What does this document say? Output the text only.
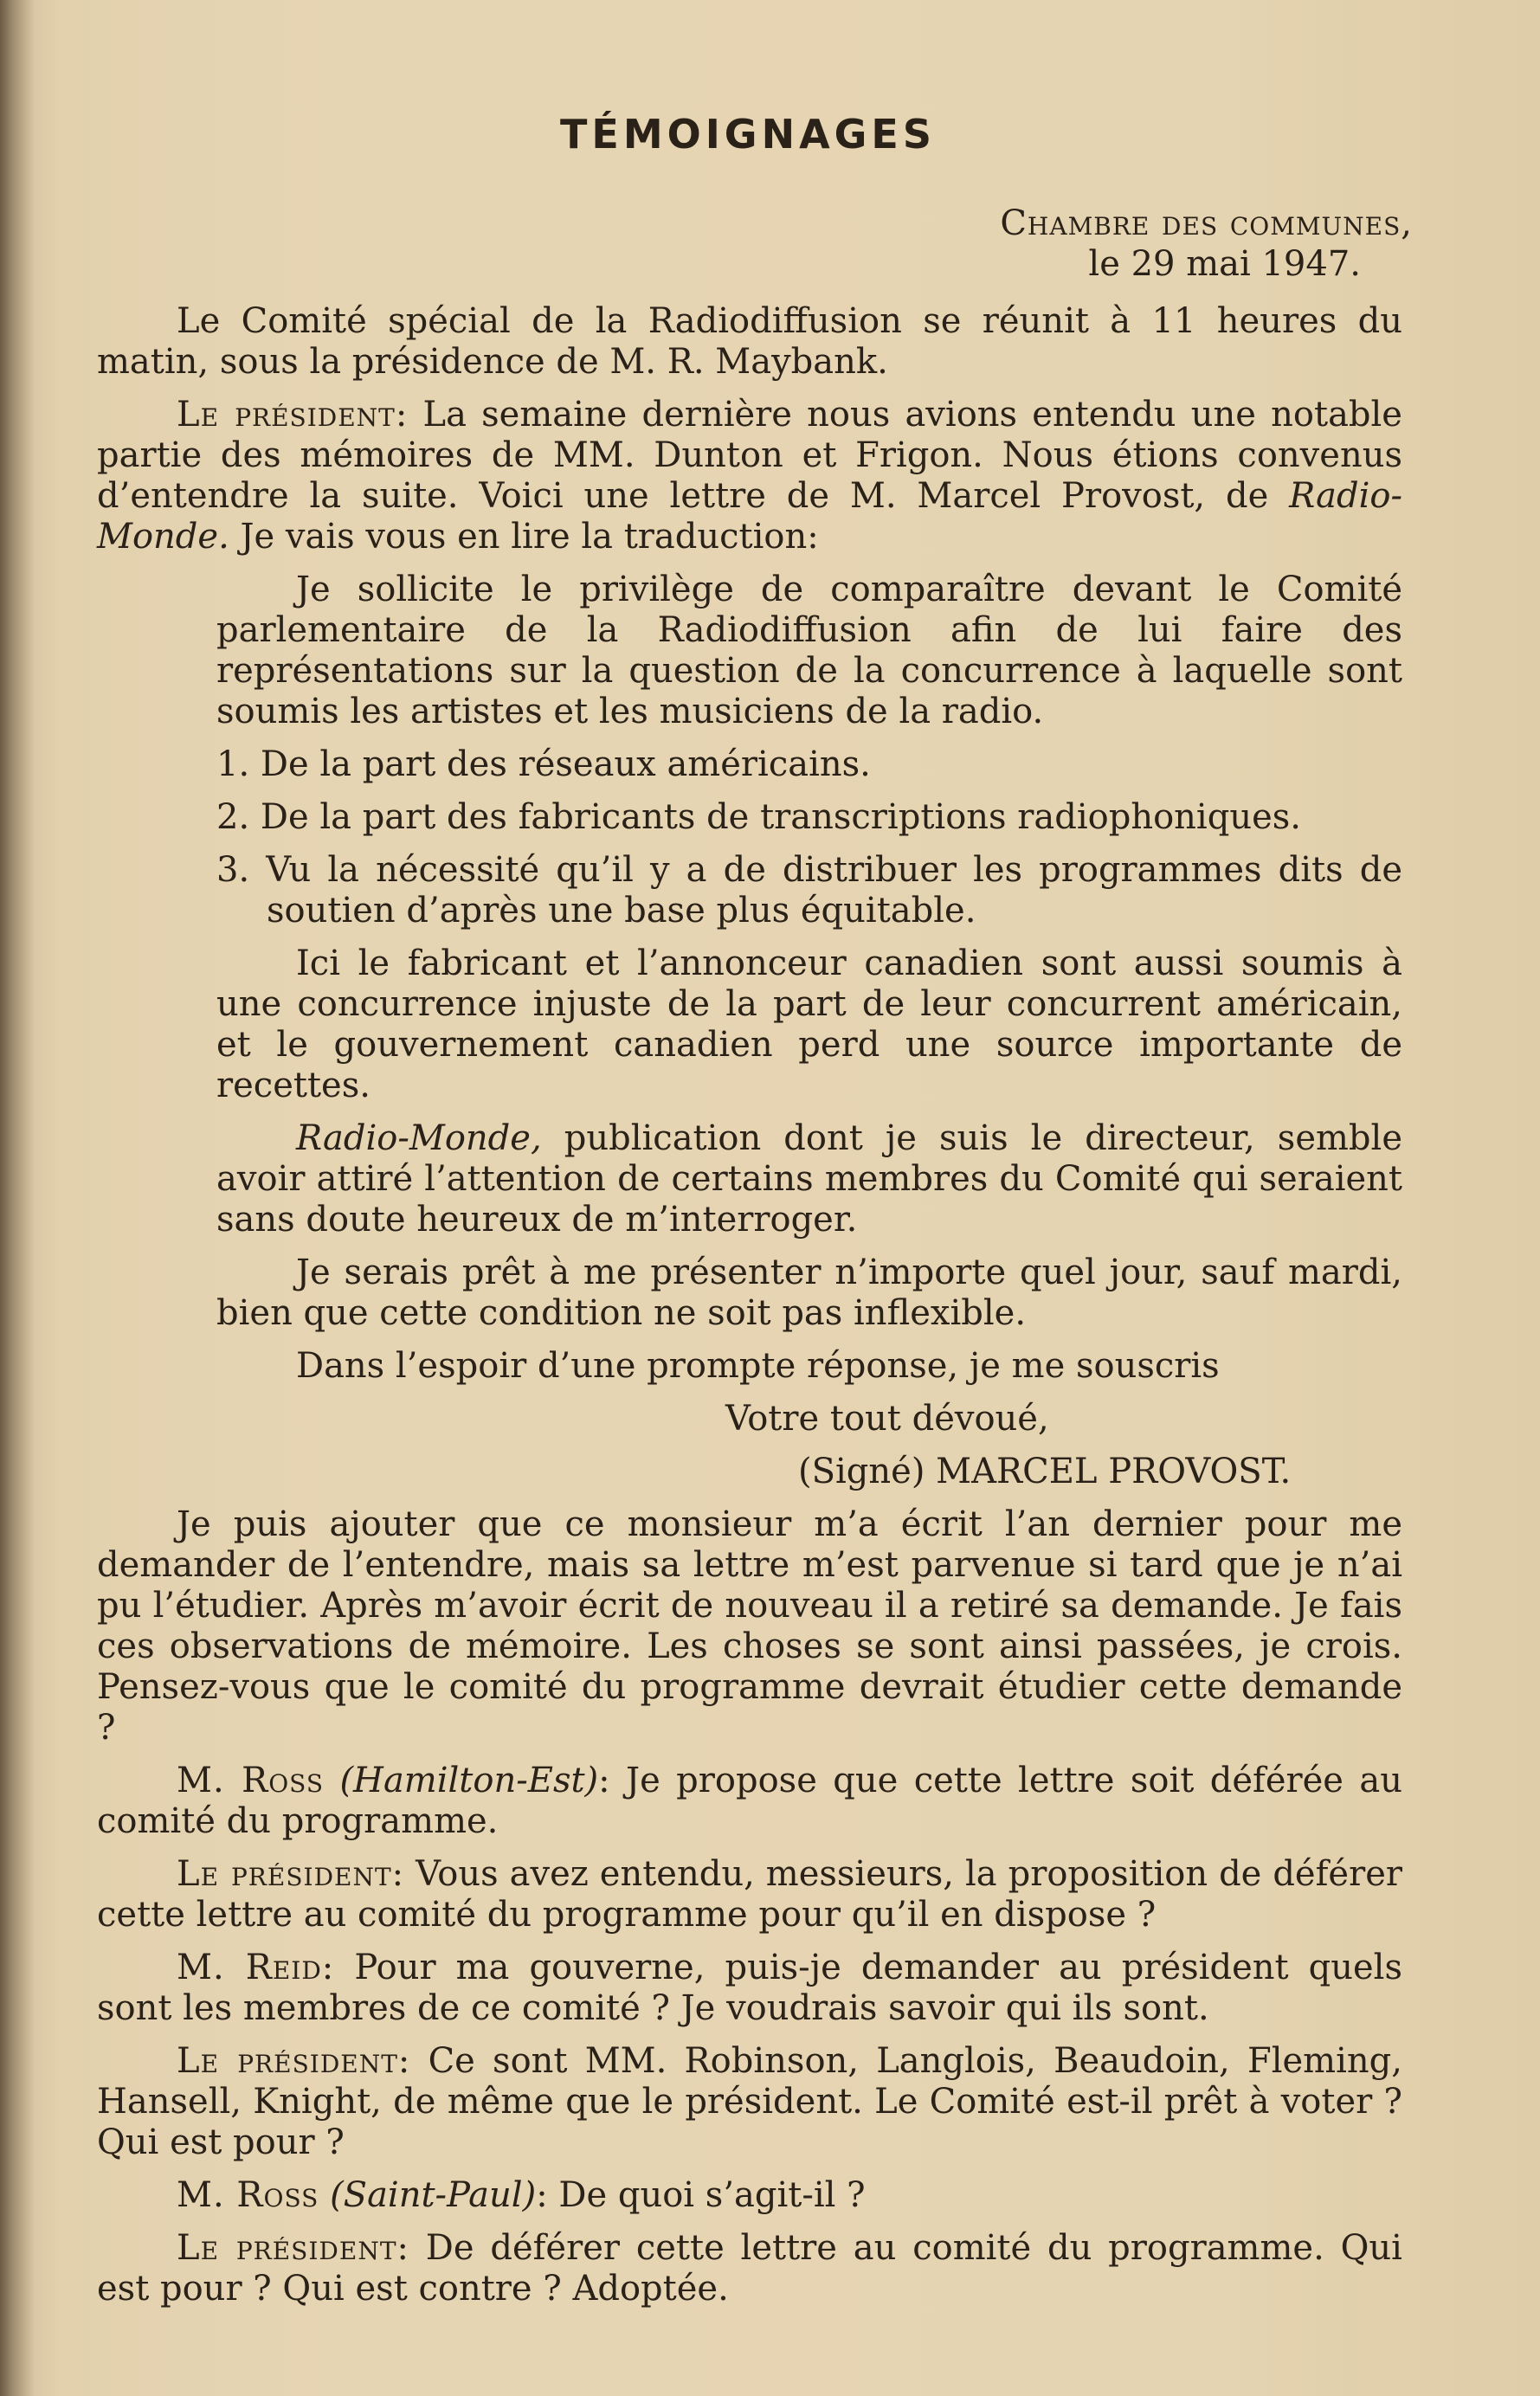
TÉMOIGNAGES

Chambre des communes,

le 29 mai 1947.

Le Comité spécial de la Radiodiffusion se réunit à 11 heures du matin, sous la présidence de M. R. Maybank.

Le président: La semaine dernière nous avions entendu une notable partie des mémoires de MM. Dunton et Frigon. Nous étions convenus d’entendre la suite. Voici une lettre de M. Marcel Provost, de Radio-Monde. Je vais vous en lire la traduction:

Je sollicite le privilège de comparaître devant le Comité parlementaire de la Radiodiffusion afin de lui faire des représentations sur la question de la concurrence à laquelle sont soumis les artistes et les musiciens de la radio.

1. De la part des réseaux américains.

2. De la part des fabricants de transcriptions radiophoniques.

3. Vu la nécessité qu’il y a de distribuer les programmes dits de soutien d’après une base plus équitable.

Ici le fabricant et l’annonceur canadien sont aussi soumis à une concurrence injuste de la part de leur concurrent américain, et le gouvernement canadien perd une source importante de recettes.

Radio-Monde, publication dont je suis le directeur, semble avoir attiré l’attention de certains membres du Comité qui seraient sans doute heureux de m’interroger.

Je serais prêt à me présenter n’importe quel jour, sauf mardi, bien que cette condition ne soit pas inflexible.

Dans l’espoir d’une prompte réponse, je me souscris

Votre tout dévoué,

(Signé) MARCEL PROVOST.

Je puis ajouter que ce monsieur m’a écrit l’an dernier pour me demander de l’entendre, mais sa lettre m’est parvenue si tard que je n’ai pu l’étudier. Après m’avoir écrit de nouveau il a retiré sa demande. Je fais ces observations de mémoire. Les choses se sont ainsi passées, je crois. Pensez-vous que le comité du programme devrait étudier cette demande ?

M. Ross (Hamilton-Est): Je propose que cette lettre soit déférée au comité du programme.

Le président: Vous avez entendu, messieurs, la proposition de déférer cette lettre au comité du programme pour qu’il en dispose ?

M. Reid: Pour ma gouverne, puis-je demander au président quels sont les membres de ce comité ? Je voudrais savoir qui ils sont.

Le président: Ce sont MM. Robinson, Langlois, Beaudoin, Fleming, Hansell, Knight, de même que le président. Le Comité est-il prêt à voter ? Qui est pour ?

M. Ross (Saint-Paul): De quoi s’agit-il ?

Le président: De déférer cette lettre au comité du programme. Qui est pour ? Qui est contre ? Adoptée.
